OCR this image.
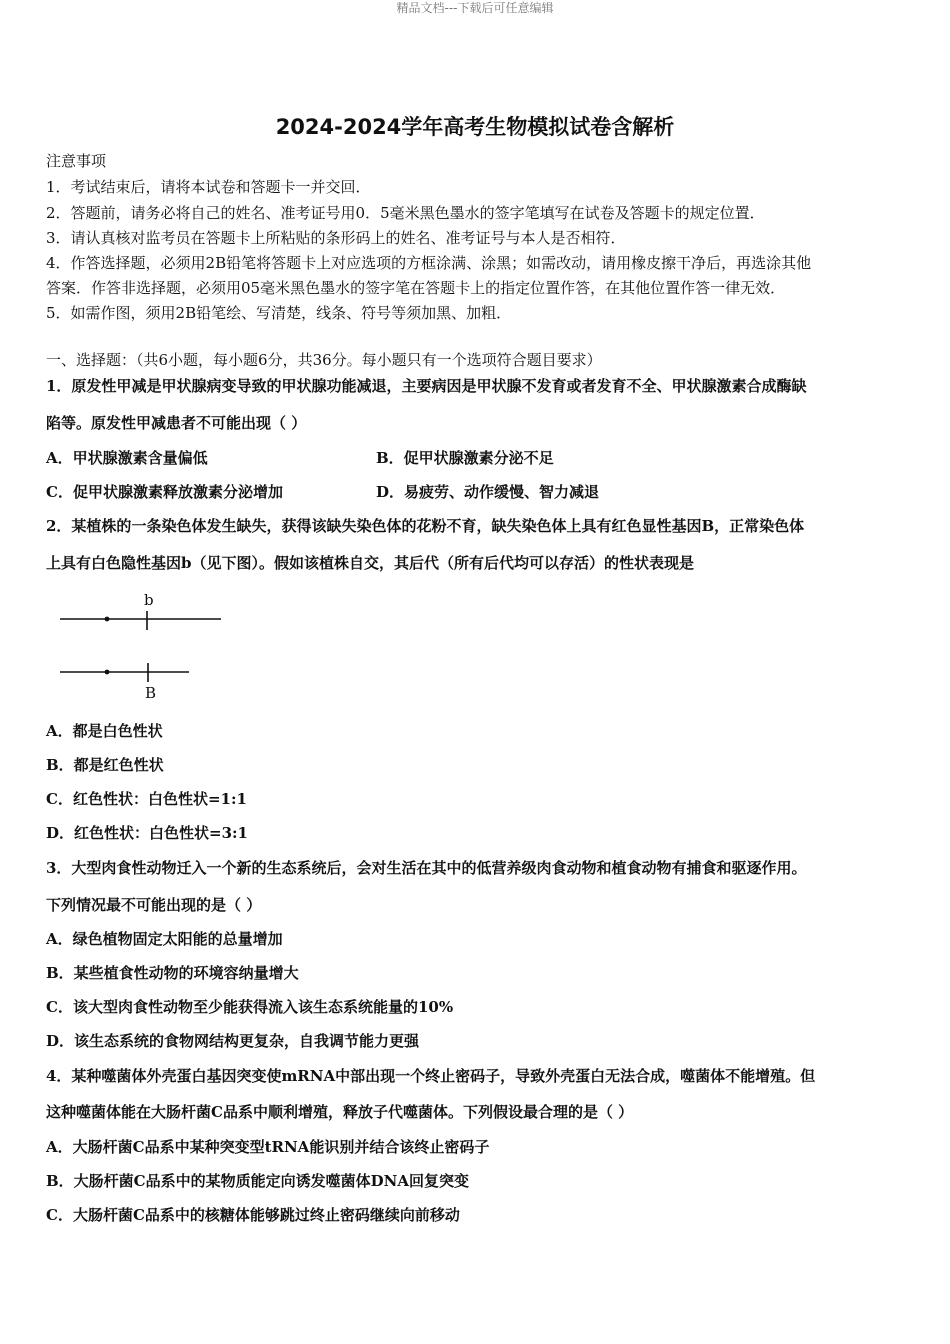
精品文档---下载后可任意编辑
2024-2024学年高考生物模拟试卷含解析
注意事项
1．考试结束后，请将本试卷和答题卡一并交回．
2．答题前，请务必将自己的姓名、准考证号用0．5毫米黑色墨水的签字笔填写在试卷及答题卡的规定位置．
3．请认真核对监考员在答题卡上所粘贴的条形码上的姓名、准考证号与本人是否相符．
4．作答选择题，必须用2B铅笔将答题卡上对应选项的方框涂满、涂黑；如需改动，请用橡皮擦干净后，再选涂其他
答案．作答非选择题，必须用05毫米黑色墨水的签字笔在答题卡上的指定位置作答，在其他位置作答一律无效．
5．如需作图，须用2B铅笔绘、写清楚，线条、符号等须加黑、加粗．
一、选择题：（共6小题，每小题6分，共36分。每小题只有一个选项符合题目要求）
1．原发性甲减是甲状腺病变导致的甲状腺功能减退，主要病因是甲状腺不发育或者发育不全、甲状腺激素合成酶缺
陷等。原发性甲减患者不可能出现（ ）
A．甲状腺激素含量偏低	B．促甲状腺激素分泌不足
C．促甲状腺激素释放激素分泌增加	D．易疲劳、动作缓慢、智力减退
2．某植株的一条染色体发生缺失，获得该缺失染色体的花粉不育，缺失染色体上具有红色显性基因B，正常染色体
上具有白色隐性基因b（见下图）。假如该植株自交，其后代（所有后代均可以存活）的性状表现是
b
B
A．都是白色性状
B．都是红色性状
C．红色性状：白色性状=1:1
D．红色性状：白色性状=3:1
3．大型肉食性动物迁入一个新的生态系统后，会对生活在其中的低营养级肉食动物和植食动物有捕食和驱逐作用。
下列情况最不可能出现的是（ ）
A．绿色植物固定太阳能的总量增加
B．某些植食性动物的环境容纳量增大
C．该大型肉食性动物至少能获得流入该生态系统能量的10%
D．该生态系统的食物网结构更复杂，自我调节能力更强
4．某种噬菌体外壳蛋白基因突变使mRNA中部出现一个终止密码子，导致外壳蛋白无法合成，噬菌体不能增殖。但
这种噬菌体能在大肠杆菌C品系中顺利增殖，释放子代噬菌体。下列假设最合理的是（ ）
A．大肠杆菌C品系中某种突变型tRNA能识别并结合该终止密码子
B．大肠杆菌C品系中的某物质能定向诱发噬菌体DNA回复突变
C．大肠杆菌C品系中的核糖体能够跳过终止密码继续向前移动
